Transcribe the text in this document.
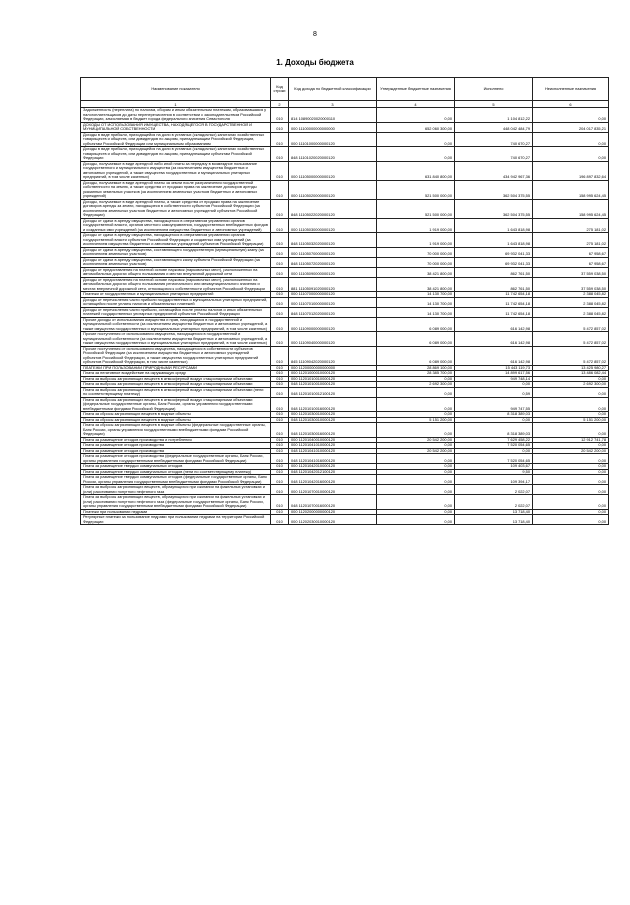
8
1. Доходы бюджета
Наименование показателя	Код строки	Код дохода по бюджетной классификации	Утвержденные бюджетные назначения	Исполнено	Неисполненные назначения
1	2	3	4	5	6
Задолженность (переплата) по налогам, сборам и иным обязательным платежам, образовавшаяся у налогоплательщиков до даты переперечисления в соответствии с законодательством Российской Федерации, зачисляемая в бюджет города федерального значения Севастополя	010	814 10890020020000110	0,00	1 104 812,22	0,00
ДОХОДЫ ОТ ИСПОЛЬЗОВАНИЯ ИМУЩЕСТВА, НАХОДЯЩЕГОСЯ В ГОСУДАРСТВЕННОЙ И МУНИЦИПАЛЬНОЙ СОБСТВЕННОСТИ	010	000 11100000000000000	652 060 300,00	448 042 484,79	204 017 835,21
Доходы в виде прибыли, приходящейся на доли в уставных (складочных) капиталах хозяйственных товариществ и обществ, или дивидендов по акциям, принадлежащим Российской Федерации, субъектам Российской Федерации или муниципальным образованиям	010	000 11101000000000120	0,00	740 670,27	0,00
Доходы в виде прибыли, приходящейся на доли в уставных (складочных) капиталах хозяйственных товариществ и обществ, или дивидендов по акциям, принадлежащим субъектам Российской Федерации	010	848 11101020020000120	0,00	740 670,27	0,00
Доходы, получаемые в виде арендной либо иной платы за передачу в возмездное пользование государственного и муниципального имущества (за исключением имущества бюджетных и автономных учреждений, а также имущества государственных и муниципальных унитарных предприятий, в том числе казенных)	010	000 11105000000000120	631 840 800,00	434 942 967,36	196 897 832,64
Доходы, получаемые в виде арендной платы за земли после разграничения государственной собственности на землю, а также средства от продажи права на заключение договоров аренды указанных земельных участков (за исключением земельных участков бюджетных и автономных учреждений)	010	000 11105020000000120	521 500 000,00	362 504 375,55	158 995 624,45
Доходы, получаемые в виде арендной платы, а также средства от продажи права на заключение договоров аренды за земли, находящиеся в собственности субъектов Российской Федерации (за исключением земельных участков бюджетных и автономных учреждений субъектов Российской Федерации)	010	848 11105022020000120	521 500 000,00	362 504 375,55	158 995 624,45
Доходы от сдачи в аренду имущества, находящегося в оперативном управлении органов государственной власти, органов местного самоуправления, государственных внебюджетных фондов и созданных ими учреждений (за исключением имущества бюджетных и автономных учреждений)	010	000 11105030000000120	1 919 000,00	1 643 818,98	275 181,02
Доходы от сдачи в аренду имущества, находящегося в оперативном управлении органов государственной власти субъектов Российской Федерации и созданных ими учреждений (за исключением имущества бюджетных и автономных учреждений субъектов Российской Федерации)	010	848 11105032020000120	1 919 000,00	1 643 818,98	275 181,02
Доходы от сдачи в аренду имущества, составляющего государственную (муниципальную) казну (за исключением земельных участков)	010	000 11105070000000120	70 000 000,00	69 932 041,33	67 958,67
Доходы от сдачи в аренду имущества, составляющего казну субъекта Российской Федерации (за исключением земельных участков)	010	848 11105072020000120	70 000 000,00	69 932 041,33	67 958,67
Доходы от предоставления на платной основе парковок (парковочных мест), расположенных на автомобильных дорогах общего пользования и местах внеуличной дорожной сети	010	000 11105090000000120	38 421 800,00	862 761,50	37 559 038,50
Доходы от предоставления на платной основе парковок (парковочных мест), расположенных на автомобильных дорогах общего пользования регионального или межмуниципального значения и местах внеуличной дорожной сети, относящихся к собственности субъектов Российской Федерации	010	881 11105091020000120	38 421 800,00	862 761,50	37 559 038,50
Платежи от государственных и муниципальных унитарных предприятий	010	000 11107000000000120	14 130 700,00	11 742 654,18	2 388 045,82
Доходы от перечисления части прибыли государственных и муниципальных унитарных предприятий, остающейся после уплаты налогов и обязательных платежей	010	000 11107010000000120	14 130 700,00	11 742 654,18	2 388 045,82
Доходы от перечисления части прибыли, остающейся после уплаты налогов и иных обязательных платежей государственных унитарных предприятий субъектов Российской Федерации	010	848 11107012020000120	14 130 700,00	11 742 654,18	2 388 045,82
Прочие доходы от использования имущества и прав, находящихся в государственной и муниципальной собственности (за исключением имущества бюджетных и автономных учреждений, а также имущества государственных и муниципальных унитарных предприятий, в том числе казенных)	010	000 11109000000000120	6 089 000,00	616 142,98	5 472 857,02
Прочие поступления от использования имущества, находящегося в государственной и муниципальной собственности (за исключением имущества бюджетных и автономных учреждений, а также имущества государственных и муниципальных унитарных предприятий, в том числе казенных)	010	000 11109040000000120	6 089 000,00	616 142,98	5 472 857,02
Прочие поступления от использования имущества, находящегося в собственности субъектов Российской Федерации (за исключением имущества бюджетных и автономных учреждений субъектов Российской Федерации, а также имущества государственных унитарных предприятий субъектов Российской Федерации, в том числе казенных)	010	845 11109042020000120	6 089 000,00	616 142,98	5 472 857,02
ПЛАТЕЖИ ПРИ ПОЛЬЗОВАНИИ ПРИРОДНЫМИ РЕСУРСАМИ	010	000 11200000000000000	28 869 100,00	15 443 119,73	13 425 980,27
Плата за негативное воздействие на окружающую среду	010	000 11201000010000120	28 385 700,00	14 899 617,56	13 486 082,44
Плата за выбросы загрязняющих веществ в атмосферный воздух стационарными объектами	010	000 11201010010000120	0,00	949 748,14	0,00
Плата за выбросы загрязняющих веществ в атмосферный воздух стационарными объектами	010	048 11201010010000120	2 692 300,00	0,00	2 692 300,00
Плата за выбросы загрязняющих веществ в атмосферный воздух стационарными объектами (пени по соответствующему платежу)	010	048 11201010012100120	0,00	0,59	0,00
Плата за выбросы загрязняющих веществ в атмосферный воздух стационарными объектами (федеральные государственные органы, Банк России, органы управления государственными внебюджетными фондами Российской Федерации)	010	048 11201010016000120	0,00	949 747,55	0,00
Плата за сбросы загрязняющих веществ в водные объекты	010	000 11201030010000120	0,00	8 318 389,03	0,00
Плата за сбросы загрязняющих веществ в водные объекты	010	048 11201030010000120	5 151 200,00	0,00	5 151 200,00
Плата за сбросы загрязняющих веществ в водные объекты (федеральные государственные органы, Банк России, органы управления государственными внебюджетными фондами Российской Федерации)	010	048 11201030016000120	0,00	8 318 389,03	0,00
Плата за размещение отходов производства и потребления	010	000 11201040010000120	20 542 200,00	7 629 458,22	12 912 741,78
Плата за размещение отходов производства	010	000 11201041010000120	0,00	7 520 054,65	0,00
Плата за размещение отходов производства	010	048 11201041010000120	20 542 200,00	0,00	20 542 200,00
Плата за размещение отходов производства (федеральные государственные органы, Банк России, органы управления государственными внебюджетными фондами Российской Федерации)	010	048 11201041016000120	0,00	7 520 054,65	0,00
Плата за размещение твердых коммунальных отходов	010	000 11201042010000120	0,00	109 403,67	0,00
Плата за размещение твердых коммунальных отходов (пени по соответствующему платежу)	010	048 11201042012100120	0,00	9,50	0,00
Плата за размещение твердых коммунальных отходов (федеральные государственные органы, Банк России, органы управления государственными внебюджетными фондами Российской Федерации)	010	048 11201042016000120	0,00	109 394,17	0,00
Плата за выбросы загрязняющих веществ, образующихся при сжигании на факельных установках и (или) рассеивании попутного нефтяного газа	010	000 11201070010000120	0,00	2 022,07	0,00
Плата за выбросы загрязняющих веществ, образующихся при сжигании на факельных установках и (или) рассеивании попутного нефтяного газа (федеральные государственные органы, Банк России, органы управления государственными внебюджетными фондами Российской Федерации)	010	048 11201070016000120	0,00	2 022,07	0,00
Платежи при пользовании недрами	010	000 11202000000000120	0,00	13 718,40	0,00
Регулярные платежи за пользование недрами при пользовании недрами на территории Российской Федерации	010	000 11202030010000120	0,00	13 718,40	0,00
